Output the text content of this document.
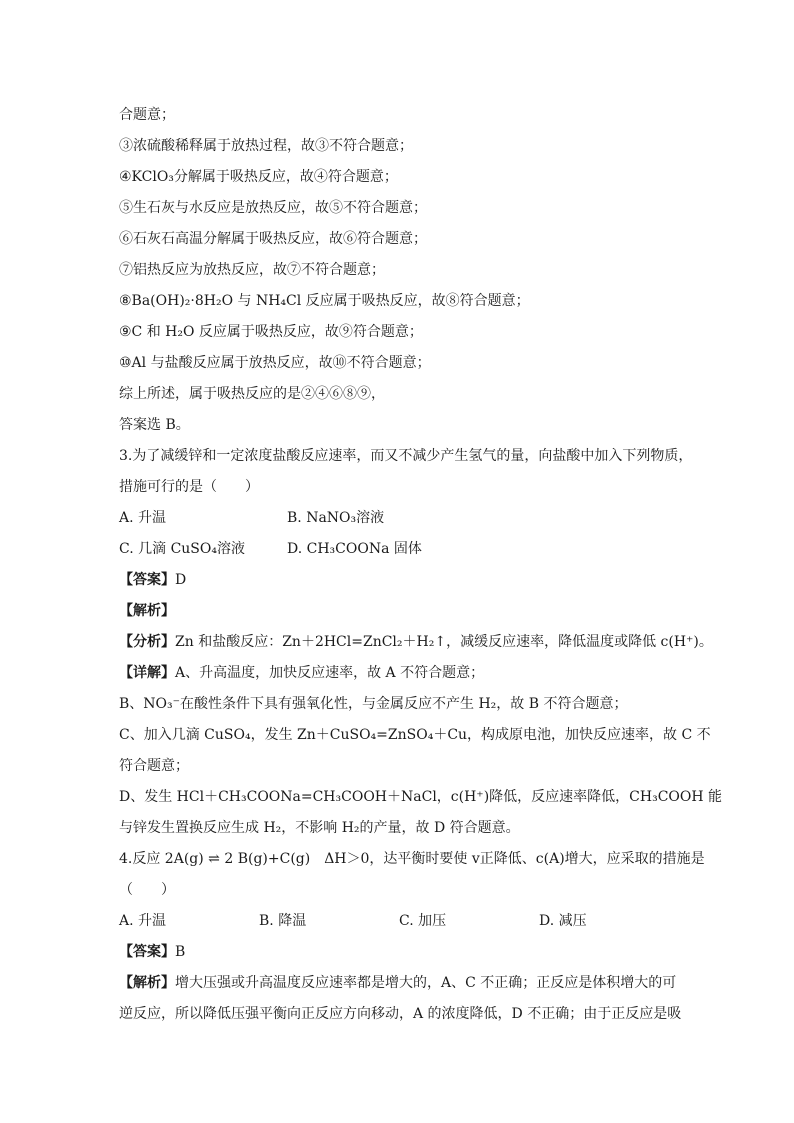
合题意；
③浓硫酸稀释属于放热过程，故③不符合题意；
④KClO₃分解属于吸热反应，故④符合题意；
⑤生石灰与水反应是放热反应，故⑤不符合题意；
⑥石灰石高温分解属于吸热反应，故⑥符合题意；
⑦铝热反应为放热反应，故⑦不符合题意；
⑧Ba(OH)₂·8H₂O 与 NH₄Cl 反应属于吸热反应，故⑧符合题意；
⑨C 和 H₂O 反应属于吸热反应，故⑨符合题意；
⑩Al 与盐酸反应属于放热反应，故⑩不符合题意；
综上所述，属于吸热反应的是②④⑥⑧⑨，
答案选 B。
3.为了减缓锌和一定浓度盐酸反应速率，而又不减少产生氢气的量，向盐酸中加入下列物质，
措施可行的是（　　）
A. 升温	B. NaNO₃溶液
C. 几滴 CuSO₄溶液	D. CH₃COONa 固体
【答案】D
【解析】
【分析】Zn 和盐酸反应：Zn＋2HCl=ZnCl₂＋H₂↑，减缓反应速率，降低温度或降低 c(H⁺)。
【详解】A、升高温度，加快反应速率，故 A 不符合题意；
B、NO₃⁻在酸性条件下具有强氧化性，与金属反应不产生 H₂，故 B 不符合题意；
C、加入几滴 CuSO₄，发生 Zn＋CuSO₄=ZnSO₄＋Cu，构成原电池，加快反应速率，故 C 不
符合题意；
D、发生 HCl＋CH₃COONa=CH₃COOH＋NaCl，c(H⁺)降低，反应速率降低，CH₃COOH 能
与锌发生置换反应生成 H₂，不影响 H₂的产量，故 D 符合题意。
4.反应 2A(g) ⇌ 2 B(g)+C(g)　ΔH＞0，达平衡时要使 v正降低、c(A)增大，应采取的措施是
（　　）
A. 升温	B. 降温	C. 加压	D. 减压
【答案】B
【解析】增大压强或升高温度反应速率都是增大的，A、C 不正确；正反应是体积增大的可
逆反应，所以降低压强平衡向正反应方向移动，A 的浓度降低，D 不正确；由于正反应是吸
